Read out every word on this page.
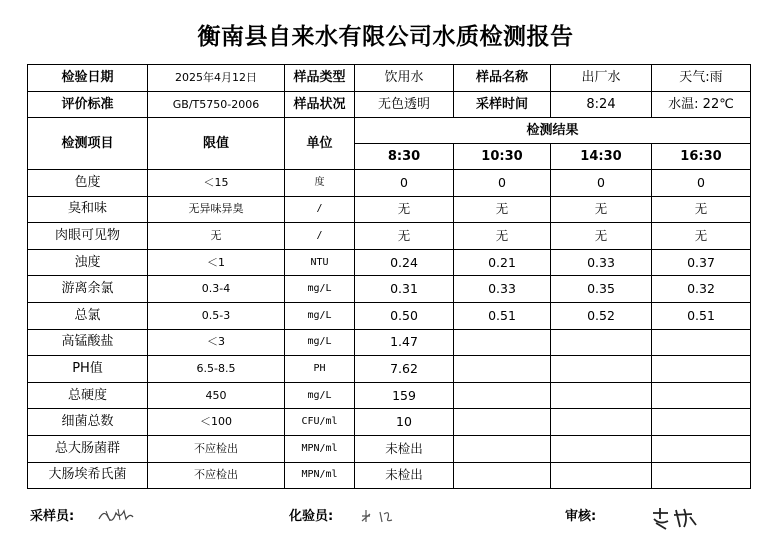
衡南县自来水有限公司水质检测报告
检验日期	2025年4月12日	样品类型	饮用水	样品名称	出厂水	天气:雨
评价标准	GB/T5750-2006	样品状况	无色透明	采样时间	8:24	水温: 22℃
检测项目	限值	单位	检测结果			
			8:30	10:30	14:30	16:30
色度	＜15	度	0	0	0	0
臭和味	无异味异臭	/	无	无	无	无
肉眼可见物	无	/	无	无	无	无
浊度	＜1	NTU	0.24	0.21	0.33	0.37
游离余氯	0.3-4	mg/L	0.31	0.33	0.35	0.32
总氯	0.5-3	mg/L	0.50	0.51	0.52	0.51
高锰酸盐	＜3	mg/L	1.47			
PH值	6.5-8.5	PH	7.62			
总硬度	450	mg/L	159			
细菌总数	＜100	CFU/ml	10			
总大肠菌群	不应检出	MPN/ml	未检出			
大肠埃希氏菌	不应检出	MPN/ml	未检出			
采样员:	化验员:	审核:
